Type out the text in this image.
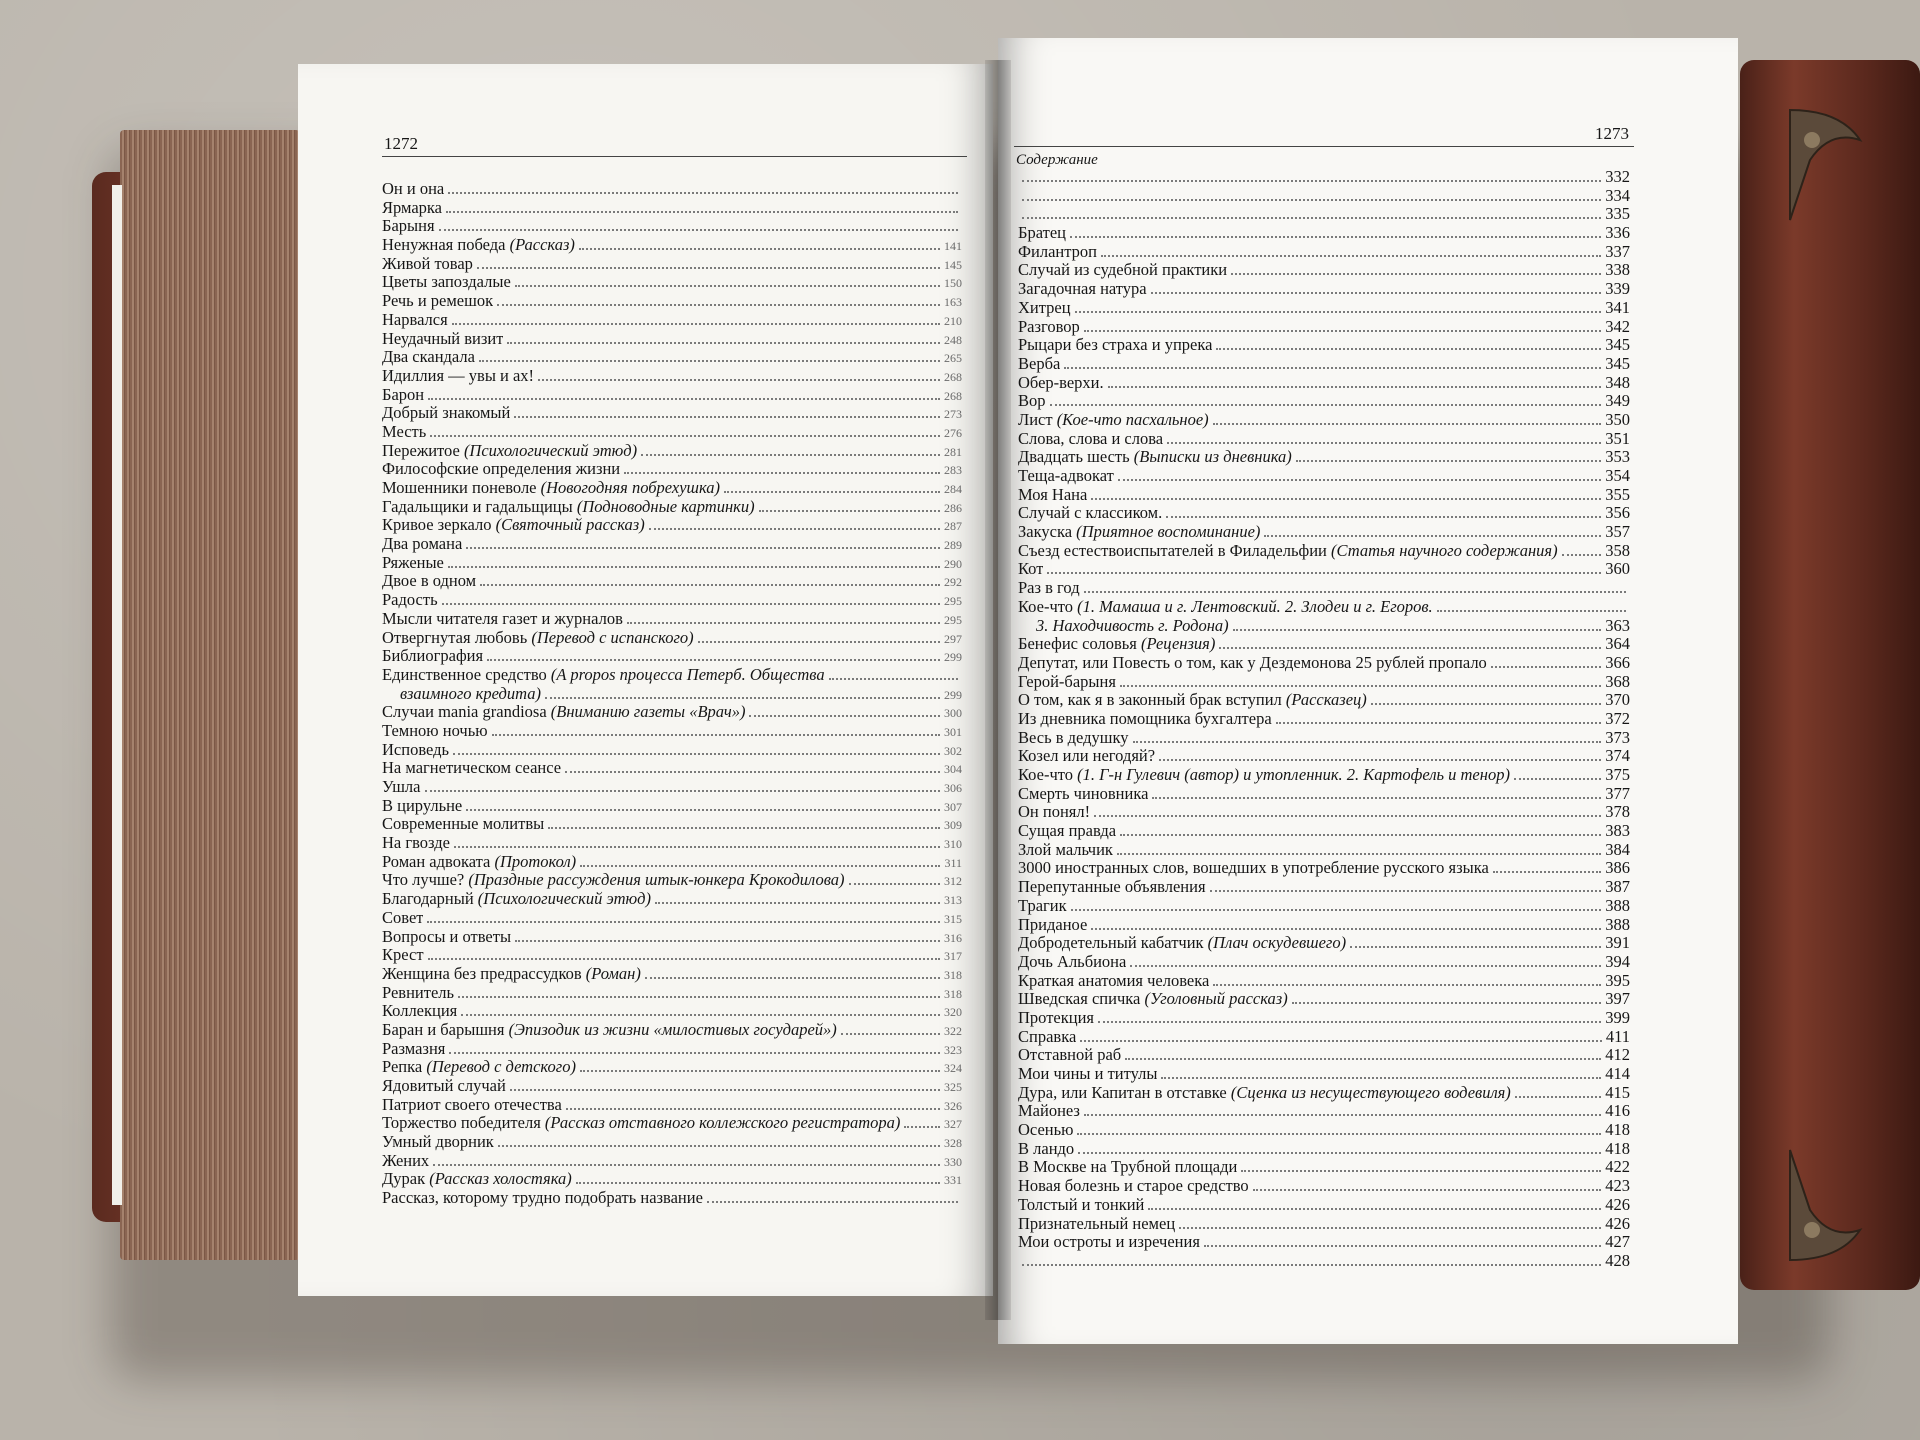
1272
Он и она
Ярмарка
Барыня
Ненужная победа (Рассказ)	141
Живой товар	145
Цветы запоздалые	150
Речь и ремешок	163
Нарвался	210
Неудачный визит	248
Два скандала	265
Идиллия — увы и ах!	268
Барон	268
Добрый знакомый	273
Месть	276
Пережитое (Психологический этюд)	281
Философские определения жизни	283
Мошенники поневоле (Новогодняя побрехушка)	284
Гадальщики и гадальщицы (Подноводные картинки)	286
Кривое зеркало (Святочный рассказ)	287
Два романа	289
Ряженые	290
Двое в одном	292
Радость	295
Мысли читателя газет и журналов	295
Отвергнутая любовь (Перевод с испанского)	297
Библиография	299
Единственное средство (A propos процесса Петерб. Общества
взаимного кредита)	299
Случаи mania grandiosa (Вниманию газеты «Врач»)	300
Темною ночью	301
Исповедь	302
На магнетическом сеансе	304
Ушла	306
В цирульне	307
Современные молитвы	309
На гвозде	310
Роман адвоката (Протокол)	311
Что лучше? (Праздные рассуждения штык-юнкера Крокодилова)	312
Благодарный (Психологический этюд)	313
Совет	315
Вопросы и ответы	316
Крест	317
Женщина без предрассудков (Роман)	318
Ревнитель	318
Коллекция	320
Баран и барышня (Эпизодик из жизни «милостивых государей»)	322
Размазня	323
Репка (Перевод с детского)	324
Ядовитый случай	325
Патриот своего отечества	326
Торжество победителя (Рассказ отставного коллежского регистратора)	327
Умный дворник	328
Жених	330
Дурак (Рассказ холостяка)	331
Рассказ, которому трудно подобрать название
1273
Содержание
332
334
335
Братец	336
Филантроп	337
Случай из судебной практики	338
Загадочная натура	339
Хитрец	341
Разговор	342
Рыцари без страха и упрека	345
Верба	345
Обер-верхи.	348
Вор	349
Лист (Кое-что пасхальное)	350
Слова, слова и слова	351
Двадцать шесть (Выписки из дневника)	353
Теща-адвокат	354
Моя Нана	355
Случай с классиком.	356
Закуска (Приятное воспоминание)	357
Съезд естествоиспытателей в Филадельфии (Статья научного содержания)	358
Кот	360
Раз в год
Кое-что (1. Мамаша и г. Лентовский. 2. Злодеи и г. Егоров.
3. Находчивость г. Родона)	363
Бенефис соловья (Рецензия)	364
Депутат, или Повесть о том, как у Дездемонова 25 рублей пропало	366
Герой-барыня	368
О том, как я в законный брак вступил (Рассказец)	370
Из дневника помощника бухгалтера	372
Весь в дедушку	373
Козел или негодяй?	374
Кое-что (1. Г-н Гулевич (автор) и утопленник. 2. Картофель и тенор)	375
Смерть чиновника	377
Он понял!	378
Сущая правда	383
Злой мальчик	384
3000 иностранных слов, вошедших в употребление русского языка	386
Перепутанные объявления	387
Трагик	388
Приданое	388
Добродетельный кабатчик (Плач оскудевшего)	391
Дочь Альбиона	394
Краткая анатомия человека	395
Шведская спичка (Уголовный рассказ)	397
Протекция	399
Справка	411
Отставной раб	412
Мои чины и титулы	414
Дура, или Капитан в отставке (Сценка из несуществующего водевиля)	415
Майонез	416
Осенью	418
В ландо	418
В Москве на Трубной площади	422
Новая болезнь и старое средство	423
Толстый и тонкий	426
Признательный немец	426
Мои остроты и изречения	427
428
